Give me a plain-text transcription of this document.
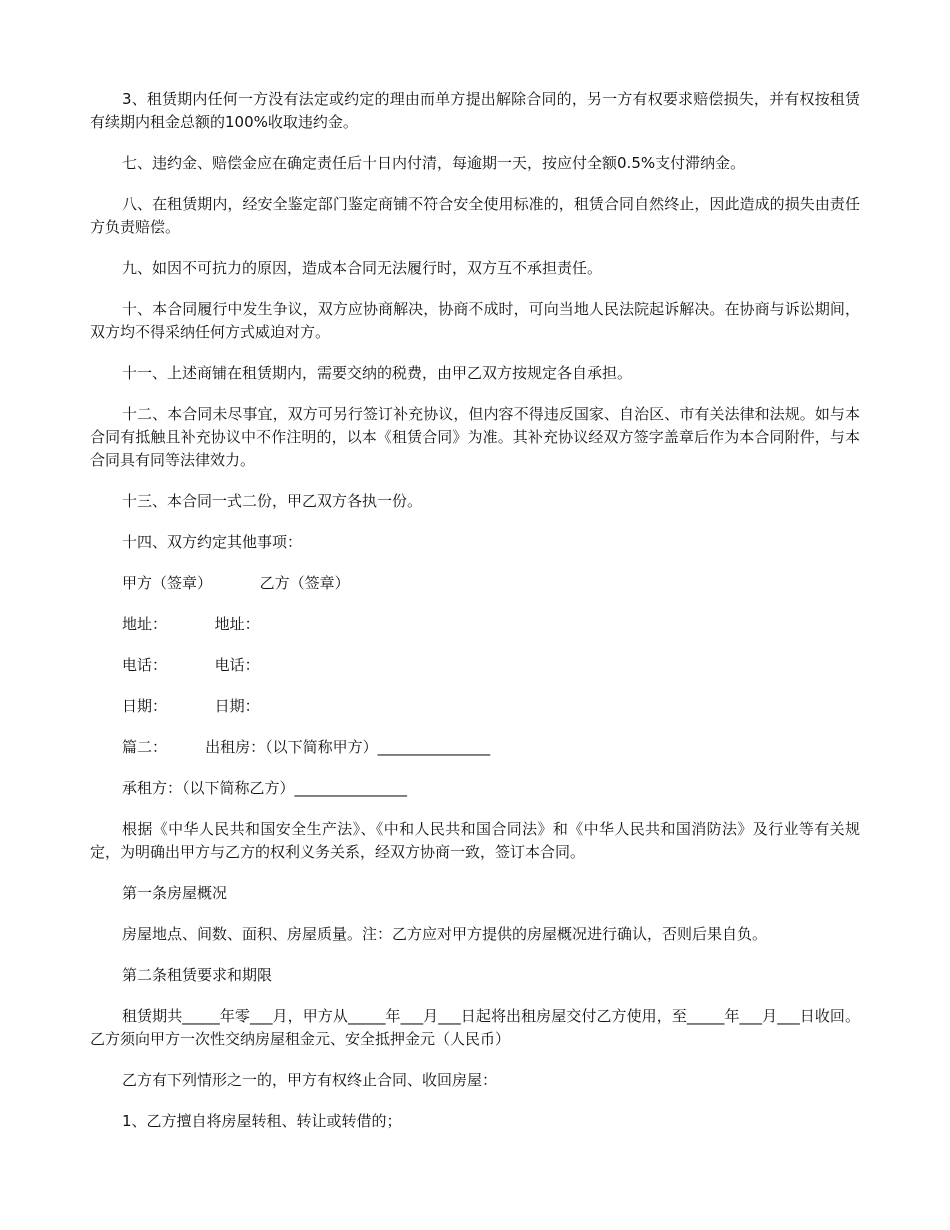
3、租赁期内任何一方没有法定或约定的理由而单方提出解除合同的，另一方有权要求赔偿损失，并有权按租赁有续期内租金总额的100%收取违约金。

七、违约金、赔偿金应在确定责任后十日内付清，每逾期一天，按应付全额0.5%支付滞纳金。

八、在租赁期内，经安全鉴定部门鉴定商铺不符合安全使用标准的，租赁合同自然终止，因此造成的损失由责任方负责赔偿。

九、如因不可抗力的原因，造成本合同无法履行时，双方互不承担责任。

十、本合同履行中发生争议，双方应协商解决，协商不成时，可向当地人民法院起诉解决。在协商与诉讼期间，双方均不得采纳任何方式威迫对方。

十一、上述商铺在租赁期内，需要交纳的税费，由甲乙双方按规定各自承担。

十二、本合同未尽事宜，双方可另行签订补充协议，但内容不得违反国家、自治区、市有关法律和法规。如与本合同有抵触且补充协议中不作注明的，以本《租赁合同》为准。其补充协议经双方签字盖章后作为本合同附件，与本合同具有同等法律效力。

十三、本合同一式二份，甲乙双方各执一份。

十四、双方约定其他事项：

甲方（签章）          乙方（签章）

地址：          地址：

电话：          电话：

日期：          日期：

篇二：        出租房：（以下简称甲方）_______________

承租方：（以下简称乙方）_______________

根据《中华人民共和国安全生产法》、《中和人民共和国合同法》和《中华人民共和国消防法》及行业等有关规定，为明确出甲方与乙方的权利义务关系，经双方协商一致，签订本合同。

第一条房屋概况

房屋地点、间数、面积、房屋质量。注：乙方应对甲方提供的房屋概况进行确认，否则后果自负。

第二条租赁要求和期限

租赁期共_____年零___月，甲方从_____年___月___日起将出租房屋交付乙方使用，至_____年___月___日收回。乙方须向甲方一次性交纳房屋租金元、安全抵押金元（人民币）

乙方有下列情形之一的，甲方有权终止合同、收回房屋：

1、乙方擅自将房屋转租、转让或转借的；
